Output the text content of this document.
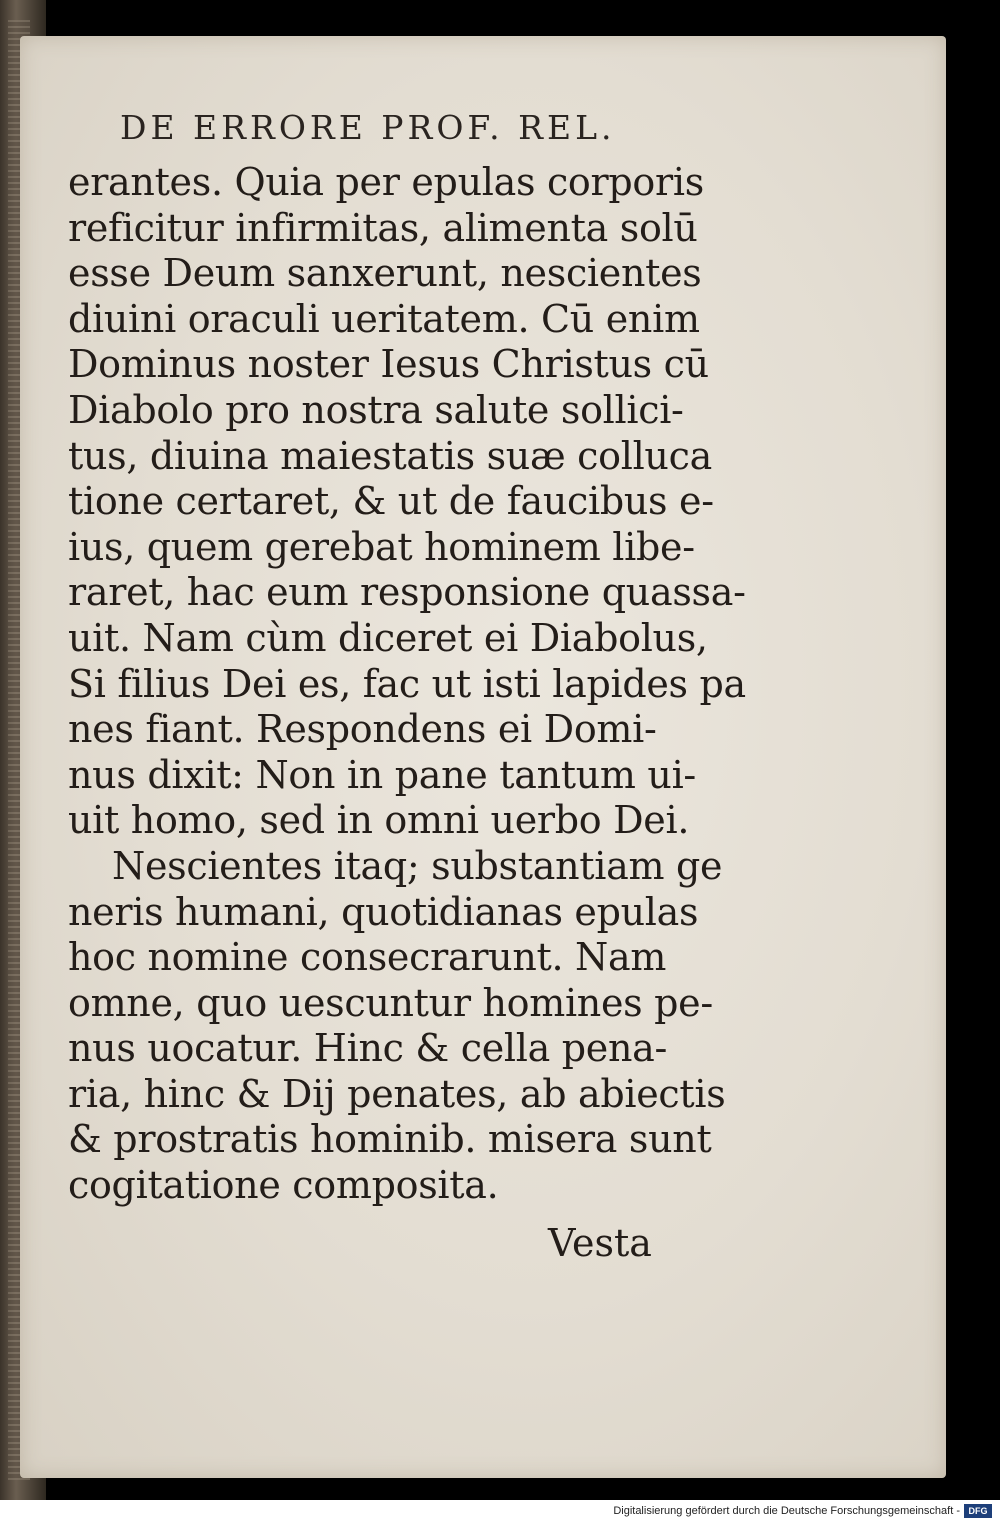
DE ERRORE PROF. REL.
erantes. Quia per epulas corporis
reficitur infirmitas, alimenta solū
esse Deum sanxerunt, nescientes
diuini oraculi ueritatem. Cū enim
Dominus noster Iesus Christus cū
Diabolo pro nostra salute sollici-
tus, diuina maiestatis suæ colluca
tione certaret, & ut de faucibus e-
ius, quem gerebat hominem libe-
raret, hac eum responsione quassa-
uit. Nam cùm diceret ei Diabolus,
Si filius Dei es, fac ut isti lapides pa
nes fiant. Respondens ei Domi-
nus dixit: Non in pane tantum ui-
uit homo, sed in omni uerbo Dei.
Nescientes itaq; substantiam ge
neris humani, quotidianas epulas
hoc nomine consecrarunt. Nam
omne, quo uescuntur homines pe-
nus uocatur. Hinc & cella pena-
ria, hinc & Dij penates, ab abiectis
& prostratis hominib. misera sunt
cogitatione composita.
Vesta
Digitalisierung gefördert durch die Deutsche Forschungsgemeinschaft - DFG
